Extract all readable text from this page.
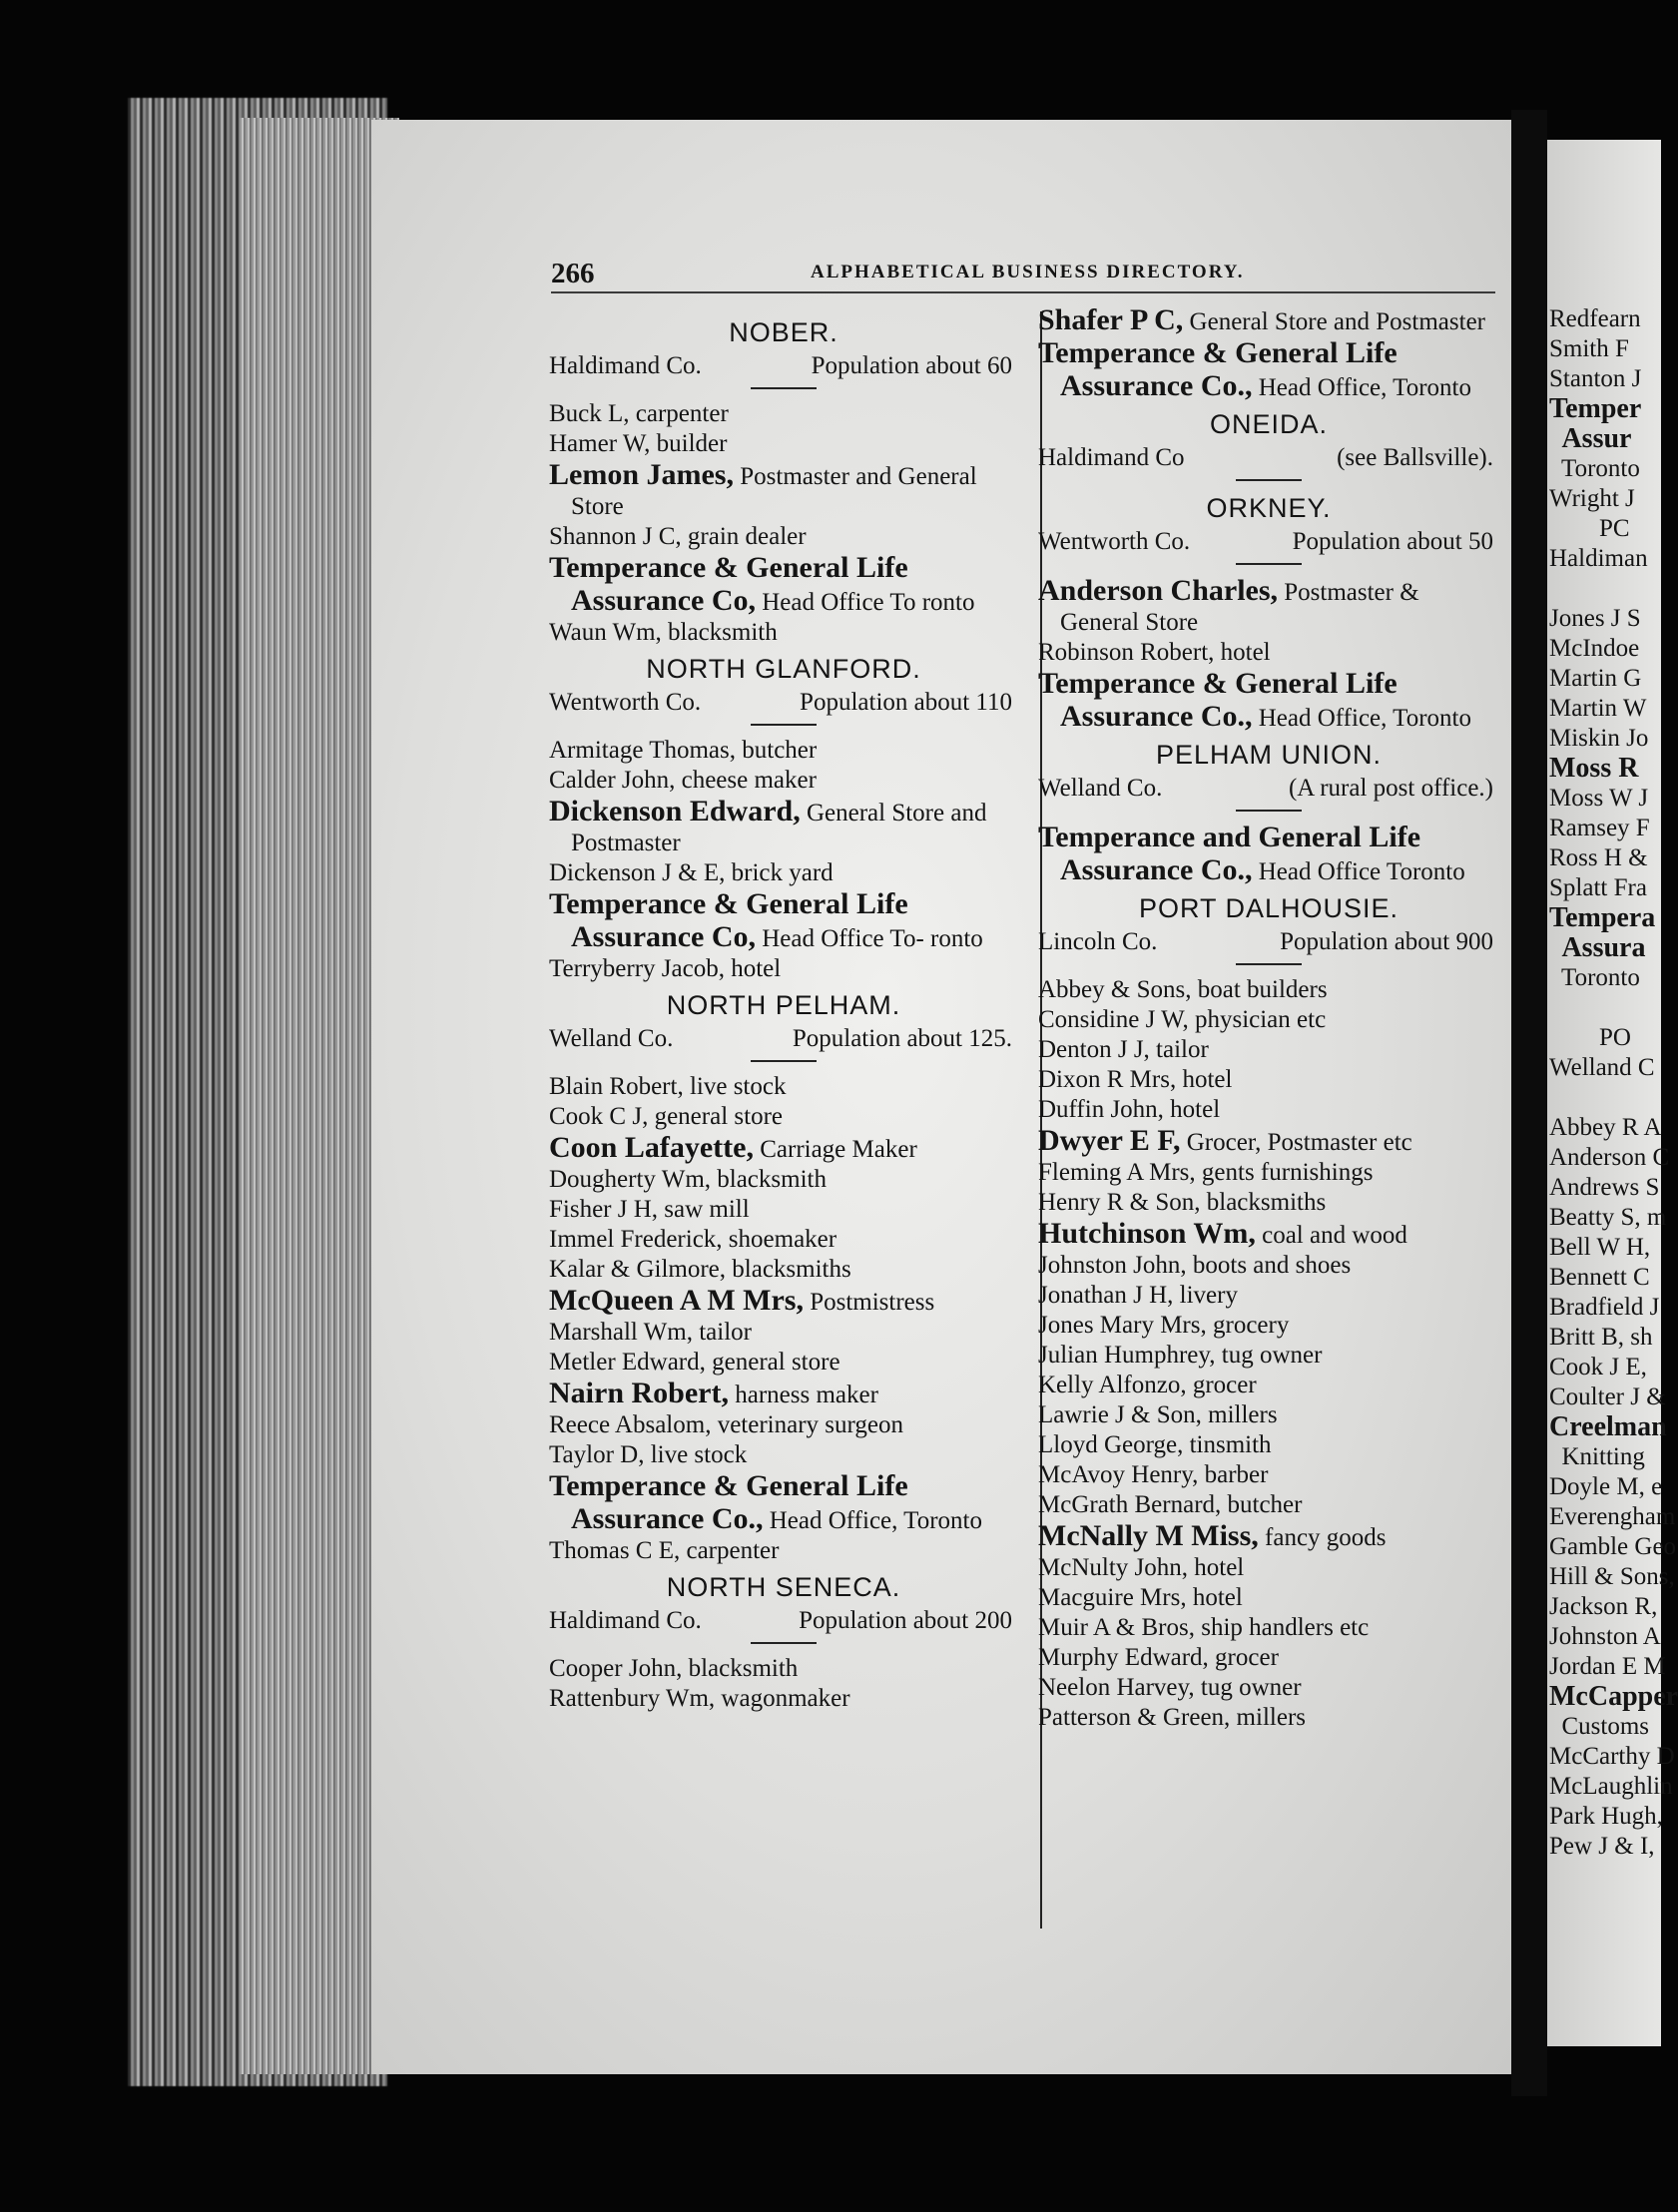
266	ALPHABETICAL BUSINESS DIRECTORY.
NOBER.
Haldimand Co.	Population about 60
Buck L, carpenter
Hamer W, builder
Lemon James, Postmaster and General Store
Shannon J C, grain dealer
Temperance & General Life Assurance Co, Head Office To ronto
Waun Wm, blacksmith
NORTH GLANFORD.
Wentworth Co.	Population about 110
Armitage Thomas, butcher
Calder John, cheese maker
Dickenson Edward, General Store and Postmaster
Dickenson J & E, brick yard
Temperance & General Life Assurance Co, Head Office To- ronto
Terryberry Jacob, hotel
NORTH PELHAM.
Welland Co.	Population about 125.
Blain Robert, live stock
Cook C J, general store
Coon Lafayette, Carriage Maker
Dougherty Wm, blacksmith
Fisher J H, saw mill
Immel Frederick, shoemaker
Kalar & Gilmore, blacksmiths
McQueen A M Mrs, Postmistress
Marshall Wm, tailor
Metler Edward, general store
Nairn Robert, harness maker
Reece Absalom, veterinary surgeon
Taylor D, live stock
Temperance & General Life Assurance Co., Head Office, Toronto
Thomas C E, carpenter
NORTH SENECA.
Haldimand Co.	Population about 200
Cooper John, blacksmith
Rattenbury Wm, wagonmaker
Shafer P C, General Store and Postmaster
Temperance & General Life Assurance Co., Head Office, Toronto
ONEIDA.
Haldimand Co	(see Ballsville).
ORKNEY.
Wentworth Co.	Population about 50
Anderson Charles, Postmaster & General Store
Robinson Robert, hotel
Temperance & General Life Assurance Co., Head Office, Toronto
PELHAM UNION.
Welland Co.	(A rural post office.)
Temperance and General Life Assurance Co., Head Office Toronto
PORT DALHOUSIE.
Lincoln Co.	Population about 900
Abbey & Sons, boat builders
Considine J W, physician etc
Denton J J, tailor
Dixon R Mrs, hotel
Duffin John, hotel
Dwyer E F, Grocer, Postmaster etc
Fleming A Mrs, gents furnishings
Henry R & Son, blacksmiths
Hutchinson Wm, coal and wood
Johnston John, boots and shoes
Jonathan J H, livery
Jones Mary Mrs, grocery
Julian Humphrey, tug owner
Kelly Alfonzo, grocer
Lawrie J & Son, millers
Lloyd George, tinsmith
McAvoy Henry, barber
McGrath Bernard, butcher
McNally M Miss, fancy goods
McNulty John, hotel
Macguire Mrs, hotel
Muir A & Bros, ship handlers etc
Murphy Edward, grocer
Neelon Harvey, tug owner
Patterson & Green, millers
Redfearn
Smith F
Stanton J
Temper
Assur
Toronto
Wright J
PC
Haldiman

Jones J S
McIndoe
Martin G
Martin W
Miskin Jo
Moss R
Moss W J
Ramsey F
Ross H &
Splatt Fra
Tempera
Assura
Toronto

PO
Welland C

Abbey R A
Anderson C
Andrews S
Beatty S, m
Bell W H,
Bennett C
Bradfield J
Britt B, sh
Cook J E,
Coulter J &
Creelman
Knitting
Doyle M, e
Everengham
Gamble Geo
Hill & Sons,
Jackson R,
Johnston A
Jordan E M
McCapper
Customs
McCarthy D
McLaughlin
Park Hugh,
Pew J & I,
